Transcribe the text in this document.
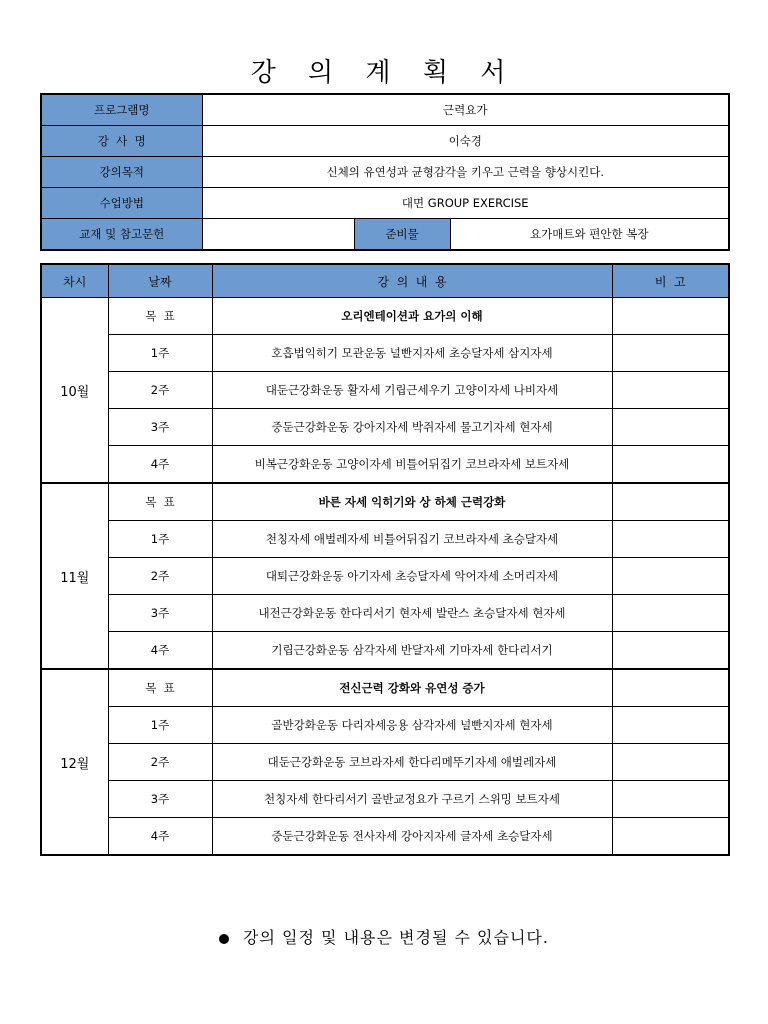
강 의 계 획 서
프로그램명	근력요가		
강  사  명	이숙경		
강의목적	신체의 유연성과 균형감각을 키우고 근력을 향상시킨다.		
수업방법	대면 GROUP EXERCISE		
교재 및 참고문헌		준비물	요가매트와 편안한 복장
차시	날짜	강  의  내  용	비  고
10월	목  표	오리엔테이션과 요가의 이해	
	1주	호흡법익히기 모관운동 널빤지자세 초승달자세 삼지자세	
	2주	대둔근강화운동 활자세 기립근세우기 고양이자세 나비자세	
	3주	중둔근강화운동 강아지자세 박쥐자세 물고기자세 현자세	
	4주	비복근강화운동 고양이자세 비틀어뒤집기 코브라자세 보트자세	
11월	목  표	바른 자세 익히기와 상 하체 근력강화	
	1주	천칭자세 애벌레자세 비틀어뒤집기 코브라자세 초승달자세	
	2주	대퇴근강화운동 아기자세 초승달자세 악어자세 소머리자세	
	3주	내전근강화운동 한다리서기 현자세 발란스 초승달자세 현자세	
	4주	기립근강화운동 삼각자세 반달자세 기마자세 한다리서기	
12월	목  표	전신근력 강화와 유연성 증가	
	1주	골반강화운동 다리자세응용 삼각자세 널빤지자세 현자세	
	2주	대둔근강화운동 코브라자세 한다리메뚜기자세 애벌레자세	
	3주	천칭자세 한다리서기 골반교정요가 구르기 스위밍 보트자세	
	4주	중둔근강화운동 전사자세 강아지자세 글자세 초승달자세	
강의 일정 및 내용은 변경될 수 있습니다.
